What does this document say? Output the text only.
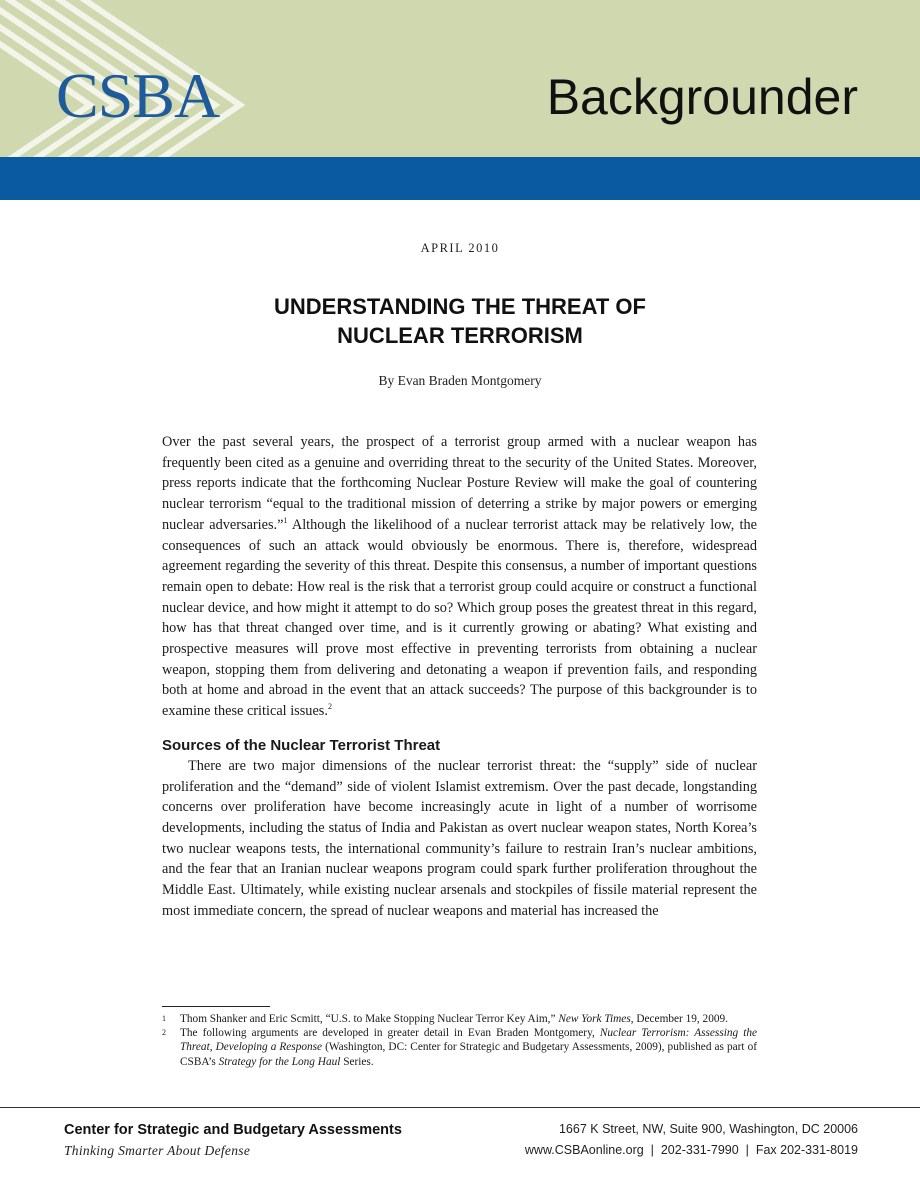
CSBA	Backgrounder
APRIL 2010
UNDERSTANDING THE THREAT OF
NUCLEAR TERRORISM
By Evan Braden Montgomery

Over the past several years, the prospect of a terrorist group armed with a nuclear weapon has frequently been cited as a genuine and overriding threat to the security of the United States. Moreover, press reports indicate that the forthcoming Nuclear Posture Review will make the goal of countering nuclear terrorism “equal to the traditional mission of deterring a strike by major powers or emerging nuclear adversaries.”$^1$ Although the likelihood of a nuclear terrorist attack may be relatively low, the consequences of such an attack would obviously be enormous. There is, therefore, widespread agreement regarding the severity of this threat. Despite this consensus, a number of important questions remain open to debate: How real is the risk that a terrorist group could acquire or construct a functional nuclear device, and how might it attempt to do so? Which group poses the greatest threat in this regard, how has that threat changed over time, and is it currently growing or abating? What existing and prospective measures will prove most effective in preventing terrorists from obtaining a nuclear weapon, stopping them from delivering and detonating a weapon if prevention fails, and responding both at home and abroad in the event that an attack succeeds? The purpose of this backgrounder is to examine these critical issues.$^2$

Sources of the Nuclear Terrorist Threat

There are two major dimensions of the nuclear terrorist threat: the “supply” side of nuclear proliferation and the “demand” side of violent Islamist extremism. Over the past decade, longstanding concerns over proliferation have become increasingly acute in light of a number of worrisome developments, including the status of India and Pakistan as overt nuclear weapon states, North Korea’s two nuclear weapons tests, the international community’s failure to restrain Iran’s nuclear ambitions, and the fear that an Iranian nuclear weapons program could spark further proliferation throughout the Middle East. Ultimately, while existing nuclear arsenals and stockpiles of fissile material represent the most immediate concern, the spread of nuclear weapons and material has increased the

1 Thom Shanker and Eric Scmitt, “U.S. to Make Stopping Nuclear Terror Key Aim,” New York Times, December 19, 2009.
2 The following arguments are developed in greater detail in Evan Braden Montgomery, Nuclear Terrorism: Assessing the Threat, Developing a Response (Washington, DC: Center for Strategic and Budgetary Assessments, 2009), published as part of CSBA’s Strategy for the Long Haul Series.
Center for Strategic and Budgetary Assessments
Thinking Smarter About Defense
1667 K Street, NW, Suite 900, Washington, DC 20006
www.CSBAonline.org  |  202-331-7990  |  Fax 202-331-8019
